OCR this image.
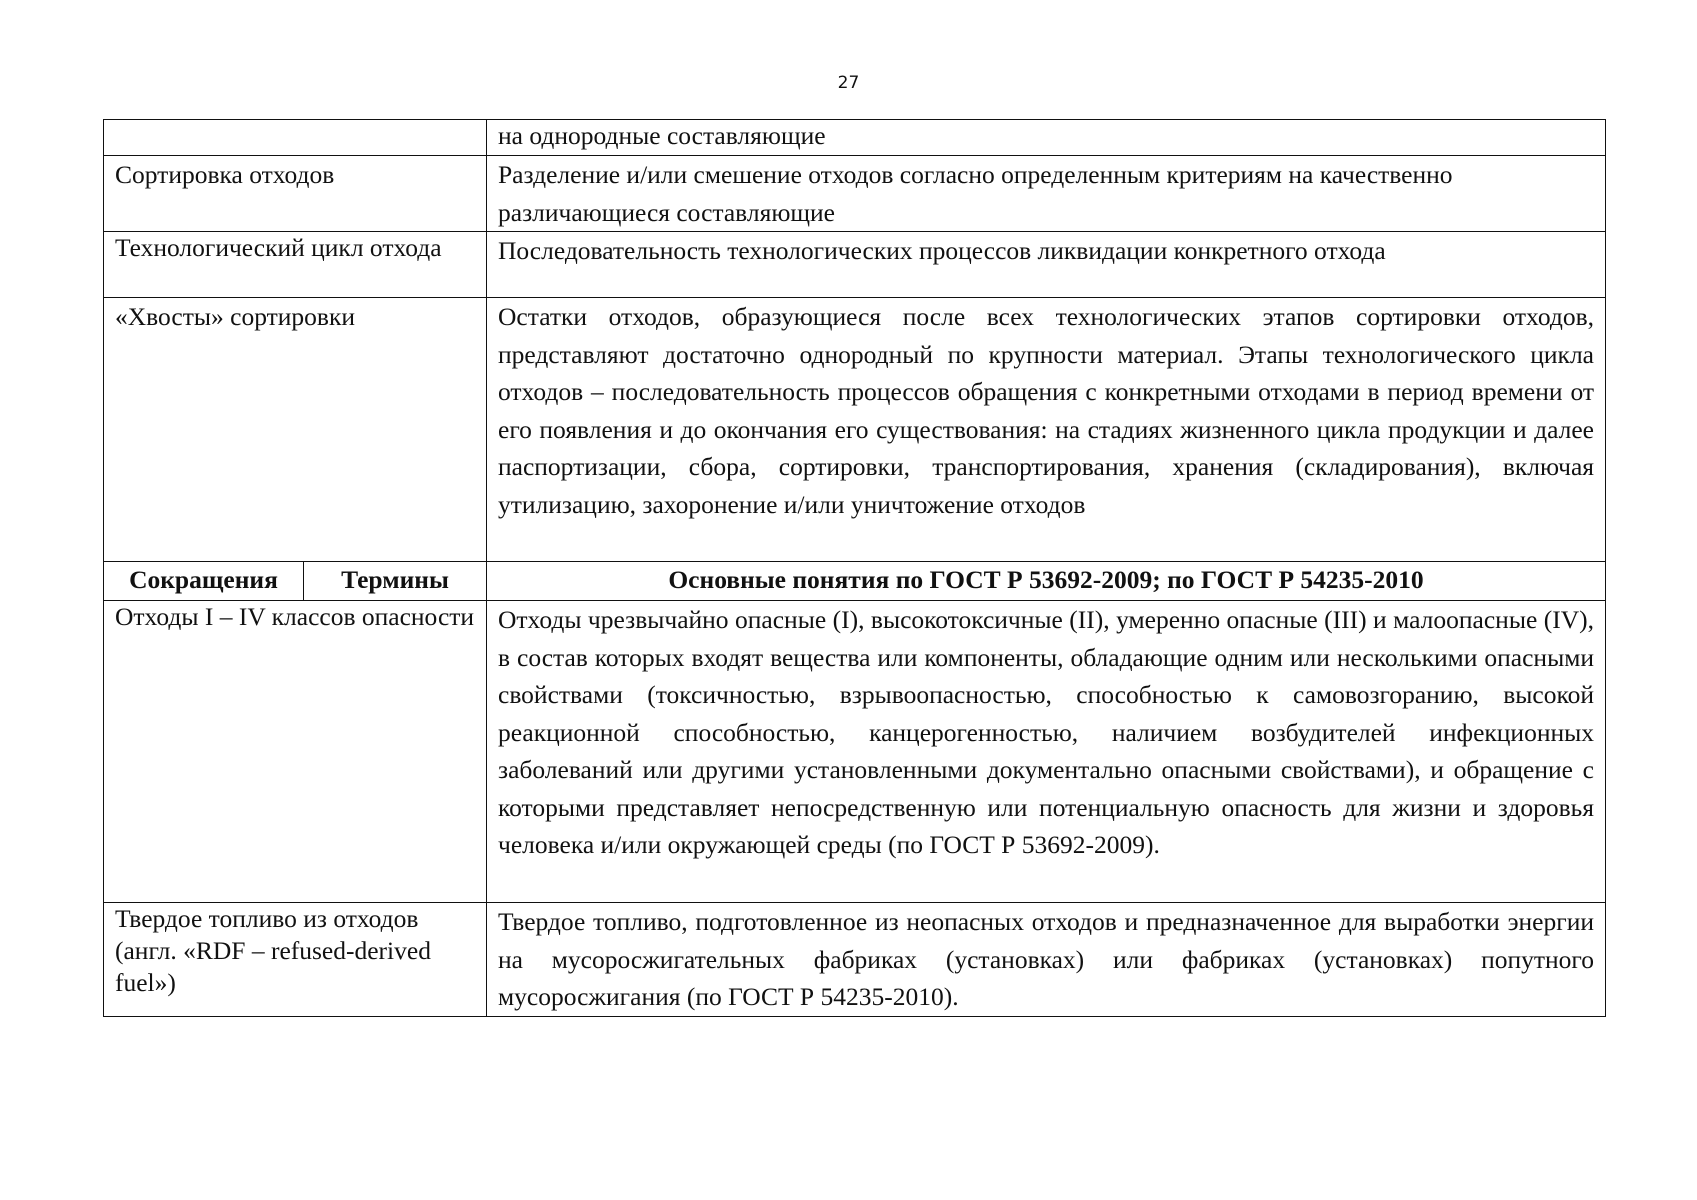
27
		на однородные составляющие
Сортировка отходов		Разделение и/или смешение отходов согласно определенным критериям на качественно различающиеся составляющие
Технологический цикл отхода		Последовательность технологических процессов ликвидации конкретного отхода
«Хвосты» сортировки		Остатки отходов, образующиеся после всех технологических этапов сортировки отходов, представляют достаточно однородный по крупности материал. Этапы технологического цикла отходов – последовательность процессов обращения с конкретными отходами в период времени от его появления и до окончания его существования: на стадиях жизненного цикла продукции и далее паспортизации, сбора, сортировки, транспортирования, хранения (складирования), включая утилизацию, захоронение и/или уничтожение отходов
Сокращения	Термины	Основные понятия по ГОСТ Р 53692-2009; по ГОСТ Р 54235-2010
Отходы I – IV классов опасности		Отходы чрезвычайно опасные (I), высокотоксичные (II), умеренно опасные (III) и малоопасные (IV), в состав которых входят вещества или компоненты, обладающие одним или несколькими опасными свойствами (токсичностью, взрывоопасностью, способностью к самовозгоранию, высокой реакционной способностью, канцерогенностью, наличием возбудителей инфекционных заболеваний или другими установленными документально опасными свойствами), и обращение с которыми представляет непосредственную или потенциальную опасность для жизни и здоровья человека и/или окружающей среды (по ГОСТ Р 53692-2009).
Твердое топливо из отходов (англ. «RDF – refused-derived fuel»)		Твердое топливо, подготовленное из неопасных отходов и предназначенное для выработки энергии на мусоросжигательных фабриках (установках) или фабриках (установках) попутного мусоросжигания (по ГОСТ Р 54235-2010).
